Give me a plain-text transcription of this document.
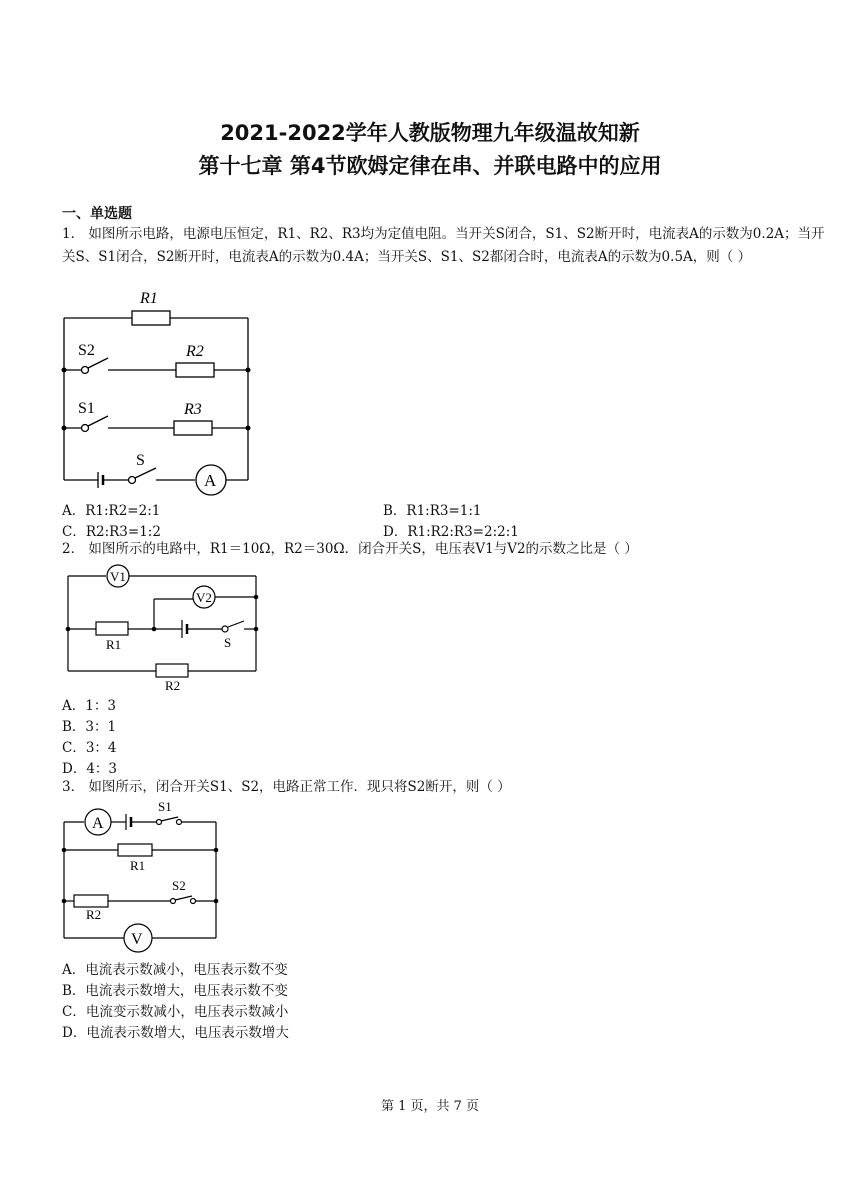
2021-2022学年人教版物理九年级温故知新
第十七章 第4节欧姆定律在串、并联电路中的应用
一、单选题
1． 如图所示电路，电源电压恒定，R1、R2、R3均为定值电阻。当开关S闭合，S1、S2断开时，电流表A的示数为0.2A；当开关S、S1闭合，S2断开时，电流表A的示数为0.4A；当开关S、S1、S2都闭合时，电流表A的示数为0.5A，则（ ）
R1
R2
R3
S2
S1
S
A
A．R1:R2=2:1	B．R1:R3=1:1
C．R2:R3=1:2	D．R1:R2:R3=2:2:1
2． 如图所示的电路中，R1＝10Ω，R2＝30Ω．闭合开关S，电压表V1与V2的示数之比是（ ）
V1
V2
R1
R2
S
A．1：3
B．3：1
C．3：4
D．4：3
3． 如图所示，闭合开关S1、S2，电路正常工作．现只将S2断开，则（ ）
A
V
S1
S2
R1
R2
A．电流表示数减小，电压表示数不变
B．电流表示数增大，电压表示数不变
C．电流变示数减小，电压表示数减小
D．电流表示数增大，电压表示数增大
第 1 页，共 7 页
